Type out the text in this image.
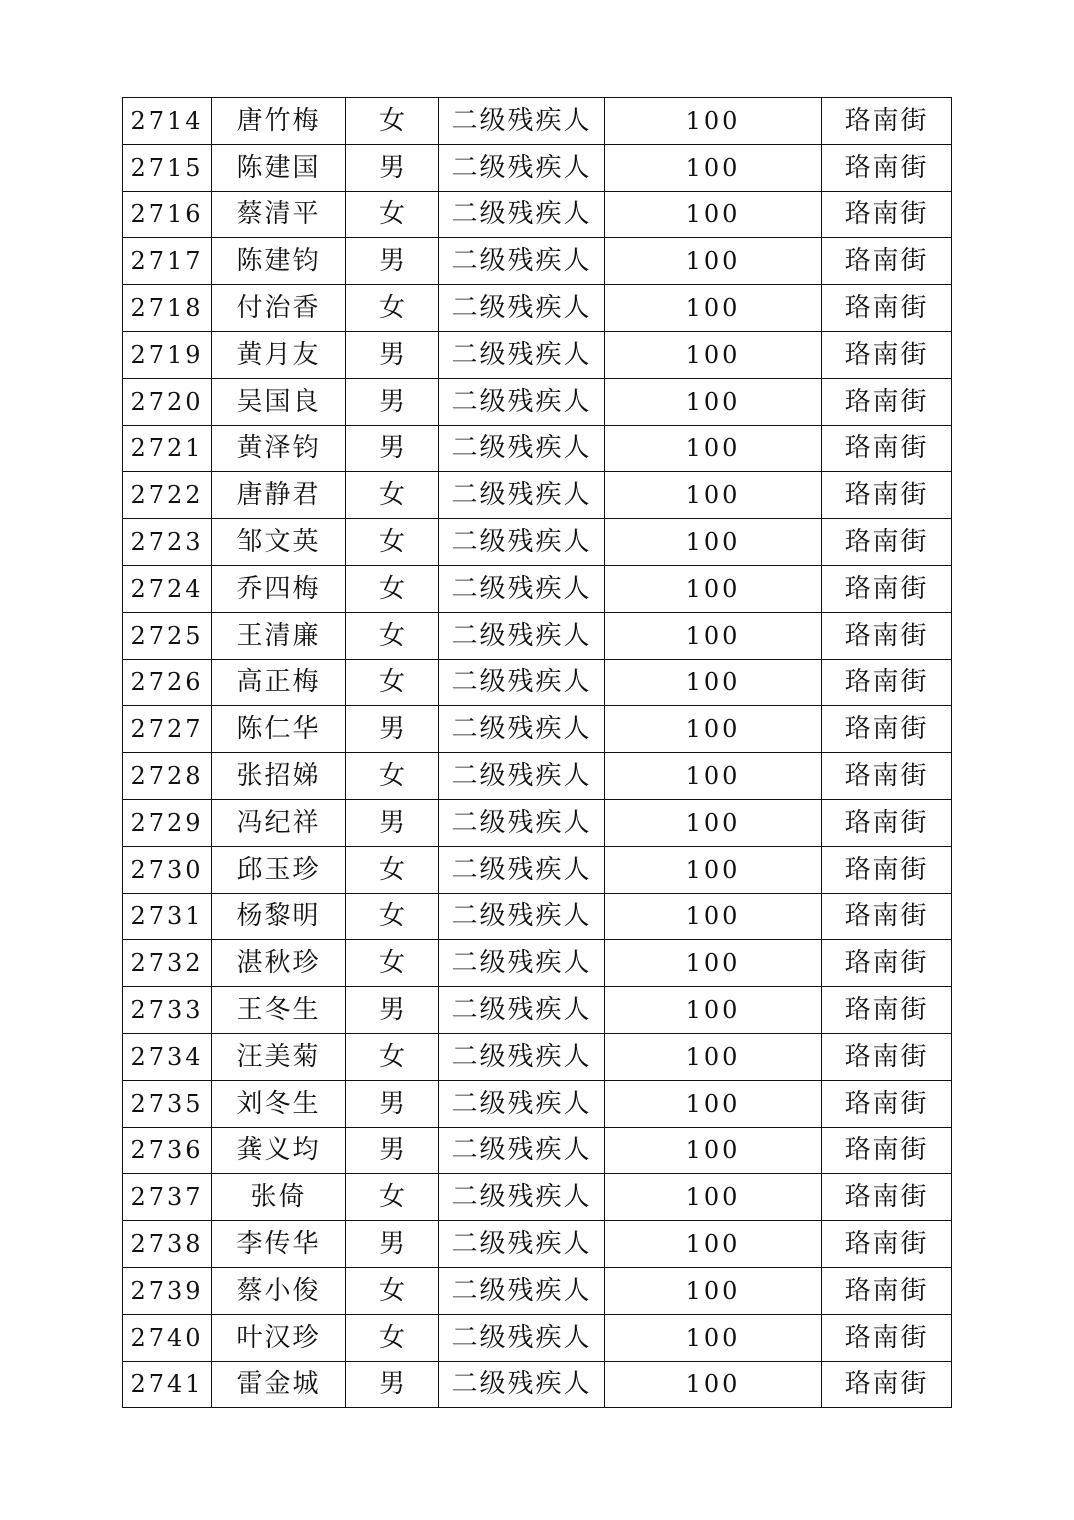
2714	唐竹梅	女	二级残疾人	100	珞南街
2715	陈建国	男	二级残疾人	100	珞南街
2716	蔡清平	女	二级残疾人	100	珞南街
2717	陈建钧	男	二级残疾人	100	珞南街
2718	付治香	女	二级残疾人	100	珞南街
2719	黄月友	男	二级残疾人	100	珞南街
2720	吴国良	男	二级残疾人	100	珞南街
2721	黄泽钧	男	二级残疾人	100	珞南街
2722	唐静君	女	二级残疾人	100	珞南街
2723	邹文英	女	二级残疾人	100	珞南街
2724	乔四梅	女	二级残疾人	100	珞南街
2725	王清廉	女	二级残疾人	100	珞南街
2726	高正梅	女	二级残疾人	100	珞南街
2727	陈仁华	男	二级残疾人	100	珞南街
2728	张招娣	女	二级残疾人	100	珞南街
2729	冯纪祥	男	二级残疾人	100	珞南街
2730	邱玉珍	女	二级残疾人	100	珞南街
2731	杨黎明	女	二级残疾人	100	珞南街
2732	湛秋珍	女	二级残疾人	100	珞南街
2733	王冬生	男	二级残疾人	100	珞南街
2734	汪美菊	女	二级残疾人	100	珞南街
2735	刘冬生	男	二级残疾人	100	珞南街
2736	龚义均	男	二级残疾人	100	珞南街
2737	张倚	女	二级残疾人	100	珞南街
2738	李传华	男	二级残疾人	100	珞南街
2739	蔡小俊	女	二级残疾人	100	珞南街
2740	叶汉珍	女	二级残疾人	100	珞南街
2741	雷金城	男	二级残疾人	100	珞南街
